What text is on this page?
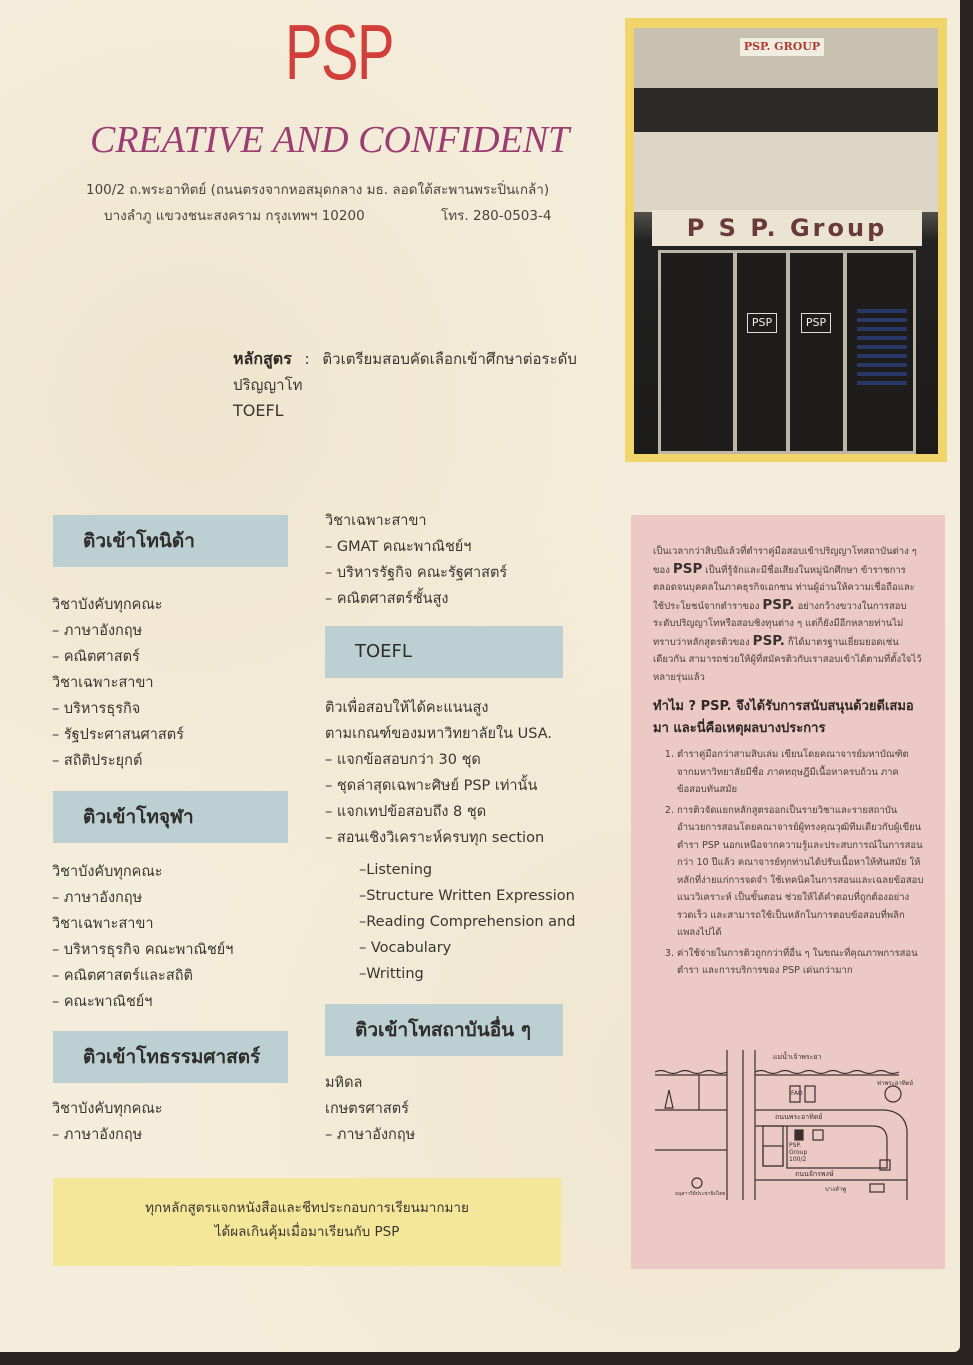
PSP
CREATIVE AND CONFIDENT
100/2 ถ.พระอาทิตย์ (ถนนตรงจากหอสมุดกลาง มธ. ลอดใต้สะพานพระปิ่นเกล้า)
บางลำภู แขวงชนะสงคราม กรุงเทพฯ 10200	โทร. 280-0503-4
PSP. GROUP
P S P. Group
PSP	PSP
หลักสูตร : ติวเตรียมสอบคัดเลือกเข้าศึกษาต่อระดับ
ปริญญาโท
TOEFL
ติวเข้าโทนิด้า
วิชาบังคับทุกคณะ
– ภาษาอังกฤษ
– คณิตศาสตร์
วิชาเฉพาะสาขา
– บริหารธุรกิจ
– รัฐประศาสนศาสตร์
– สถิติประยุกต์
ติวเข้าโทจุฬา
วิชาบังคับทุกคณะ
– ภาษาอังกฤษ
วิชาเฉพาะสาขา
– บริหารธุรกิจ คณะพาณิชย์ฯ
– คณิตศาสตร์และสถิติ
– คณะพาณิชย์ฯ
ติวเข้าโทธรรมศาสตร์
วิชาบังคับทุกคณะ
– ภาษาอังกฤษ
วิชาเฉพาะสาขา
– GMAT คณะพาณิชย์ฯ
– บริหารรัฐกิจ คณะรัฐศาสตร์
– คณิตศาสตร์ชั้นสูง
TOEFL
ติวเพื่อสอบให้ได้คะแนนสูง
ตามเกณฑ์ของมหาวิทยาลัยใน USA.
– แจกข้อสอบกว่า 30 ชุด
– ชุดล่าสุดเฉพาะศิษย์ PSP เท่านั้น
– แจกเทปข้อสอบถึง 8 ชุด
– สอนเชิงวิเคราะห์ครบทุก section
–Listening
–Structure Written Expression
–Reading Comprehension and
– Vocabulary
–Writting
ติวเข้าโทสถาบันอื่น ๆ
มหิดล
เกษตรศาสตร์
– ภาษาอังกฤษ
ทุกหลักสูตรแจกหนังสือและชีทประกอบการเรียนมากมาย
ได้ผลเกินคุ้มเมื่อมาเรียนกับ PSP
เป็นเวลากว่าสิบปีแล้วที่ตำราคู่มือสอบเข้าปริญญาโทสถาบันต่าง ๆ ของ PSP เป็นที่รู้จักและมีชื่อเสียงในหมู่นักศึกษา ข้าราชการ ตลอดจนบุคคลในภาคธุรกิจเอกชน ท่านผู้อ่านให้ความเชื่อถือและใช้ประโยชน์จากตำราของ PSP. อย่างกว้างขวางในการสอบระดับปริญญาโทหรือสอบชิงทุนต่าง ๆ แต่ก็ยังมีอีกหลายท่านไม่ทราบว่าหลักสูตรติวของ PSP. ก็ได้มาตรฐานเยี่ยมยอดเช่นเดียวกัน สามารถช่วยให้ผู้ที่สมัครติวกับเราสอบเข้าได้ตามที่ตั้งใจไว้หลายรุ่นแล้ว
ทำไม ? PSP. จึงได้รับการสนับสนุนด้วยดีเสมอมา และนี่คือเหตุผลบางประการ
1. ตำราคู่มือกว่าสามสิบเล่ม เขียนโดยคณาจารย์มหาบัณฑิตจากมหาวิทยาลัยมีชื่อ ภาคทฤษฎีมีเนื้อหาครบถ้วน ภาคข้อสอบทันสมัย
2. การติวจัดแยกหลักสูตรออกเป็นรายวิชาและรายสถาบัน อำนวยการสอนโดยคณาจารย์ผู้ทรงคุณวุฒิทีมเดียวกับผู้เขียนตำรา PSP นอกเหนือจากความรู้และประสบการณ์ในการสอนกว่า 10 ปีแล้ว คณาจารย์ทุกท่านได้ปรับเนื้อหาให้ทันสมัย ให้หลักที่ง่ายแก่การจดจำ ใช้เทคนิคในการสอนและเฉลยข้อสอบแนววิเคราะห์ เป็นขั้นตอน ช่วยให้ได้คำตอบที่ถูกต้องอย่างรวดเร็ว และสามารถใช้เป็นหลักในการตอบข้อสอบที่พลิกแพลงไปได้
3. ค่าใช้จ่ายในการติวถูกกว่าที่อื่น ๆ ในขณะที่คุณภาพการสอน ตำรา และการบริการของ PSP เด่นกว่ามาก
แม่น้ำเจ้าพระยา
ถนนพระอาทิตย์
ถนนจักรพงษ์
PSP. Group 100/2
FAO
ท่าพระอาทิตย์
บางลำพู
อนุสาวรีย์ประชาธิปไตย
